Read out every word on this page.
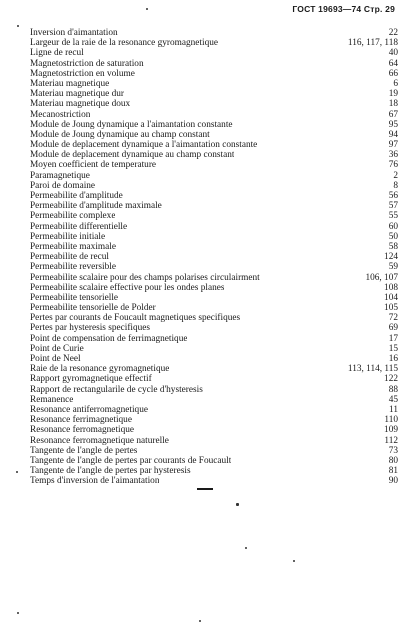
ГОСТ 19693—74 Стр. 29
Inversion d'aimantation	22
Largeur de la raie de la resonance gyromagnetique	116, 117, 118
Ligne de recul	40
Magnetostriction de saturation	64
Magnetostriction en volume	66
Materiau magnetique	6
Materiau magnetique dur	19
Materiau magnetique doux	18
Mecanostriction	67
Module de Joung dynamique a l'aimantation constante	95
Module de Joung dynamique au champ constant	94
Module de deplacement dynamique a l'aimantation constante	97
Module de deplacement dynamique au champ constant	36
Moyen coefficient de temperature	76
Paramagnetique	2
Paroi de domaine	8
Permeabilite d'amplitude	56
Permeabilite d'amplitude maximale	57
Permeabilite complexe	55
Permeabilite differentielle	60
Permeabilite initiale	50
Permeabilite maximale	58
Permeabilite de recul	124
Permeabilite reversible	59
Permeabilite scalaire pour des champs polarises circulairment	106, 107
Permeabilite scalaire effective pour les ondes planes	108
Permeabilite tensorielle	104
Permeabilite tensorielle de Polder	105
Pertes par courants de Foucault magnetiques specifiques	72
Pertes par hysteresis specifiques	69
Point de compensation de ferrimagnetique	17
Point de Curie	15
Point de Neel	16
Raie de la resonance gyromagnetique	113, 114, 115
Rapport gyromagnetique effectif	122
Rapport de rectangularile de cycle d'hysteresis	88
Remanence	45
Resonance antiferromagnetique	11
Resonance ferrimagnetique	110
Resonance ferromagnetique	109
Resonance ferromagnetique naturelle	112
Tangente de l'angle de pertes	73
Tangente de l'angle de pertes par courants de Foucault	80
Tangente de l'angle de pertes par hysteresis	81
Temps d'inversion de l'aimantation	90
